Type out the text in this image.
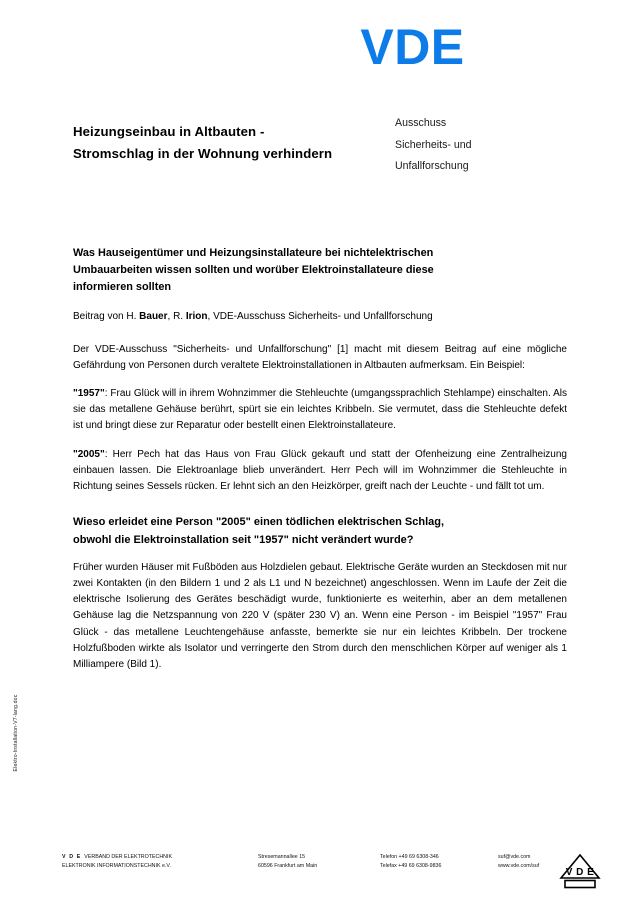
VDE
Heizungseinbau in Altbauten -
Stromschlag in der Wohnung verhindern
Ausschuss
Sicherheits- und
Unfallforschung
Was Hauseigentümer und Heizungsinstallateure bei nichtelektrischen
Umbauarbeiten wissen sollten und worüber Elektroinstallateure diese
informieren sollten
Beitrag von H. Bauer, R. Irion, VDE-Ausschuss Sicherheits- und Unfallforschung

Der VDE-Ausschuss "Sicherheits- und Unfallforschung" [1] macht mit diesem Beitrag auf eine mögliche Gefährdung von Personen durch veraltete Elektroinstallationen in Altbauten aufmerksam. Ein Beispiel:

"1957": Frau Glück will in ihrem Wohnzimmer die Stehleuchte (umgangssprachlich Stehlampe) einschalten. Als sie das metallene Gehäuse berührt, spürt sie ein leichtes Kribbeln. Sie vermutet, dass die Stehleuchte defekt ist und bringt diese zur Reparatur oder bestellt einen Elektroinstallateure.

"2005": Herr Pech hat das Haus von Frau Glück gekauft und statt der Ofenheizung eine Zentralheizung einbauen lassen. Die Elektroanlage blieb unverändert. Herr Pech will im Wohnzimmer die Stehleuchte in Richtung seines Sessels rücken. Er lehnt sich an den Heizkörper, greift nach der Leuchte - und fällt tot um.

Wieso erleidet eine Person "2005" einen tödlichen elektrischen Schlag,
obwohl die Elektroinstallation seit "1957" nicht verändert wurde?

Früher wurden Häuser mit Fußböden aus Holzdielen gebaut. Elektrische Geräte wurden an Steckdosen mit nur zwei Kontakten (in den Bildern 1 und 2 als L1 und N bezeichnet) angeschlossen. Wenn im Laufe der Zeit die elektrische Isolierung des Gerätes beschädigt wurde, funktionierte es weiterhin, aber an dem metallenen Gehäuse lag die Netzspannung von 220 V (später 230 V) an. Wenn eine Person - im Beispiel "1957" Frau Glück - das metallene Leuchtengehäuse anfasste, bemerkte sie nur ein leichtes Kribbeln. Der trockene Holzfußboden wirkte als Isolator und verringerte den Strom durch den menschlichen Körper auf weniger als 1 Milliampere (Bild 1).

Elektro-Installation-V7-lang.doc
V D E VERBAND DER ELEKTROTECHNIK
ELEKTRONIK INFORMATIONSTECHNIK e.V.
Stresemannallee 15
60596 Frankfurt am Main
Telefon +49 69 6308-346
Telefax +49 69 6308-9836
suf@vde.com
www.vde.com/suf
V D E
